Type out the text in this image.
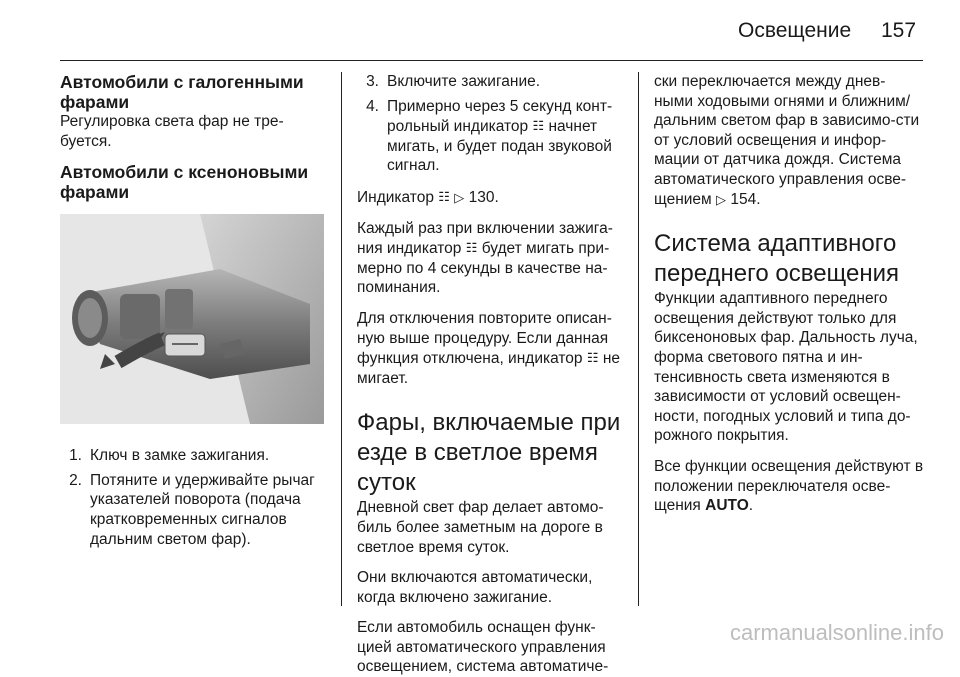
Освещение 157
Автомобили с галогенными фарами

Регулировка света фар не тре-буется.

Автомобили с ксеноновыми фарами
1. Ключ в замке зажигания.
2. Потяните и удерживайте рычаг указателей поворота (подача кратковременных сигналов дальним светом фар).
3. Включите зажигание.
4. Примерно через 5 секунд конт-рольный индикатор ☷ начнет мигать, и будет подан звуковой сигнал.

Индикатор ☷ ▷ 130.

Каждый раз при включении зажига-ния индикатор ☷ будет мигать при-мерно по 4 секунды в качестве на-поминания.

Для отключения повторите описан-ную выше процедуру. Если данная функция отключена, индикатор ☷ не мигает.

Фары, включаемые при езде в светлое время суток

Дневной свет фар делает автомо-биль более заметным на дороге в светлое время суток.

Они включаются автоматически, когда включено зажигание.

Если автомобиль оснащен функ-цией автоматического управления освещением, система автоматиче-

ски переключается между днев-ными ходовыми огнями и ближним/ дальним светом фар в зависимо-сти от условий освещения и инфор-мации от датчика дождя. Система автоматического управления осве-щением ▷ 154.

Система адаптивного переднего освещения

Функции адаптивного переднего освещения действуют только для биксеноновых фар. Дальность луча, форма светового пятна и ин-тенсивность света изменяются в зависимости от условий освещен-ности, погодных условий и типа до-рожного покрытия.

Все функции освещения действуют в положении переключателя осве-щения AUTO.

carmanualsonline.info
